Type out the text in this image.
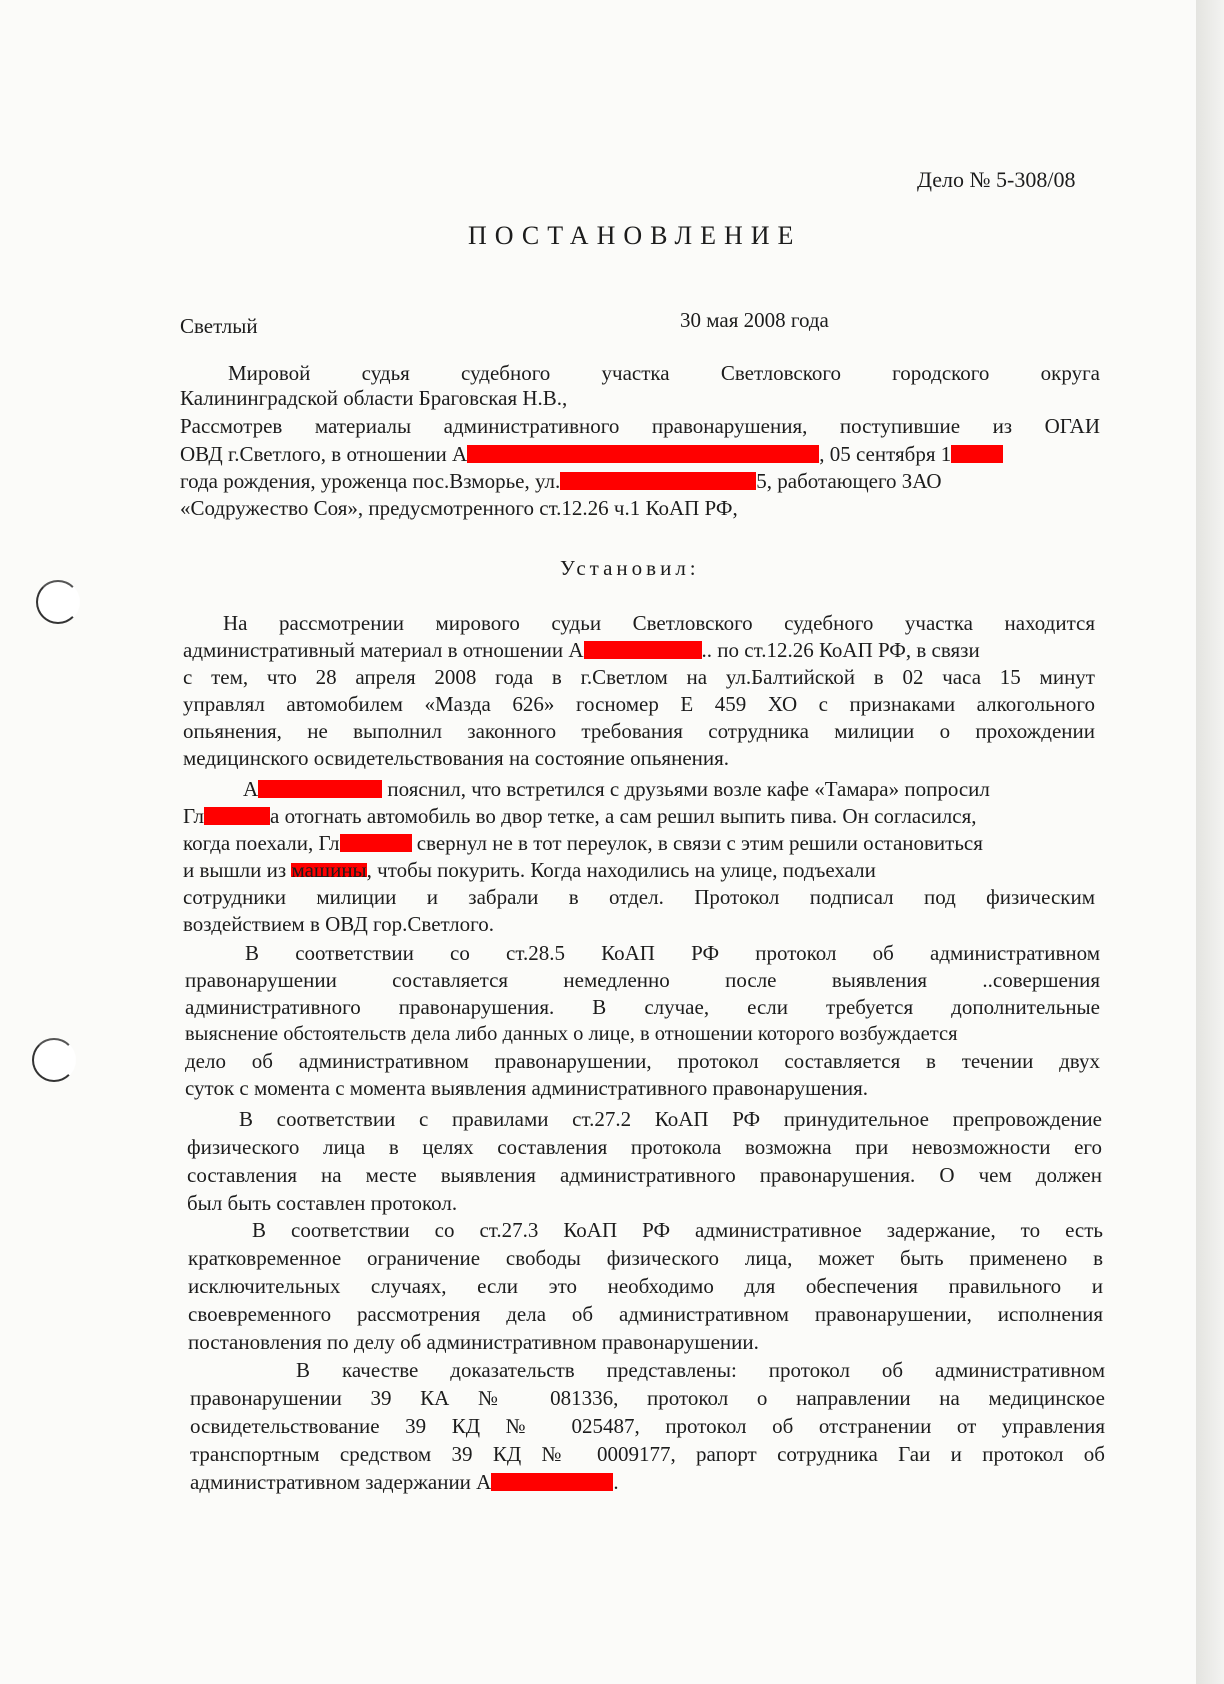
Дело № 5-308/08
ПОСТАНОВЛЕНИЕ
Светлый	30 мая 2008 года
Мировой судья судебного участка Светловского городского округа
Калининградской области Браговская Н.В.,
Рассмотрев материалы административного правонарушения, поступившие из ОГАИ
ОВД г.Светлого, в отношении А	, 05 сентября 1
года рождения, уроженца пос.Взморье, ул.	5, работающего ЗАО
«Содружество Соя», предусмотренного ст.12.26 ч.1 КоАП РФ,
Установил:
На рассмотрении мирового судьи Светловского судебного участка находится
административный материал в отношении А	.. по ст.12.26 КоАП РФ, в связи
с тем, что 28 апреля 2008 года в г.Светлом на ул.Балтийской в 02 часа 15 минут
управлял автомобилем «Мазда 626» госномер Е 459 ХО с признаками алкогольного
опьянения, не выполнил законного требования сотрудника милиции о прохождении
медицинского освидетельствования на состояние опьянения.
А	пояснил, что встретился с друзьями возле кафе «Тамара» попросил
Гл	а отогнать автомобиль во двор тетке, а сам решил выпить пива. Он согласился,
когда поехали, Гл	свернул не в тот переулок, в связи с этим решили остановиться
и вышли из машины, чтобы покурить. Когда находились на улице, подъехали
сотрудники милиции и забрали в отдел. Протокол подписал под физическим
воздействием в ОВД гор.Светлого.
В соответствии со ст.28.5 КоАП РФ протокол об административном
правонарушении составляется немедленно после выявления ..совершения
административного правонарушения. В случае, если требуется дополнительные
выяснение обстоятельств дела либо данных о лице, в отношении которого возбуждается
дело об административном правонарушении, протокол составляется в течении двух
суток с момента с момента выявления административного правонарушения.
В соответствии с правилами ст.27.2 КоАП РФ принудительное препровождение
физического лица в целях составления протокола возможна при невозможности его
составления на месте выявления административного правонарушения. О чем должен
был быть составлен протокол.
В соответствии со ст.27.3 КоАП РФ административное задержание, то есть
кратковременное ограничение свободы физического лица, может быть применено в
исключительных случаях, если это необходимо для обеспечения правильного и
своевременного рассмотрения дела об административном правонарушении, исполнения
постановления по делу об административном правонарушении.
В качестве доказательств представлены: протокол об административном
правонарушении 39 КА № 081336, протокол о направлении на медицинское
освидетельствование 39 КД № 025487, протокол об отстранении от управления
транспортным средством 39 КД № 0009177, рапорт сотрудника Гаи и протокол об
административном задержании А	.
